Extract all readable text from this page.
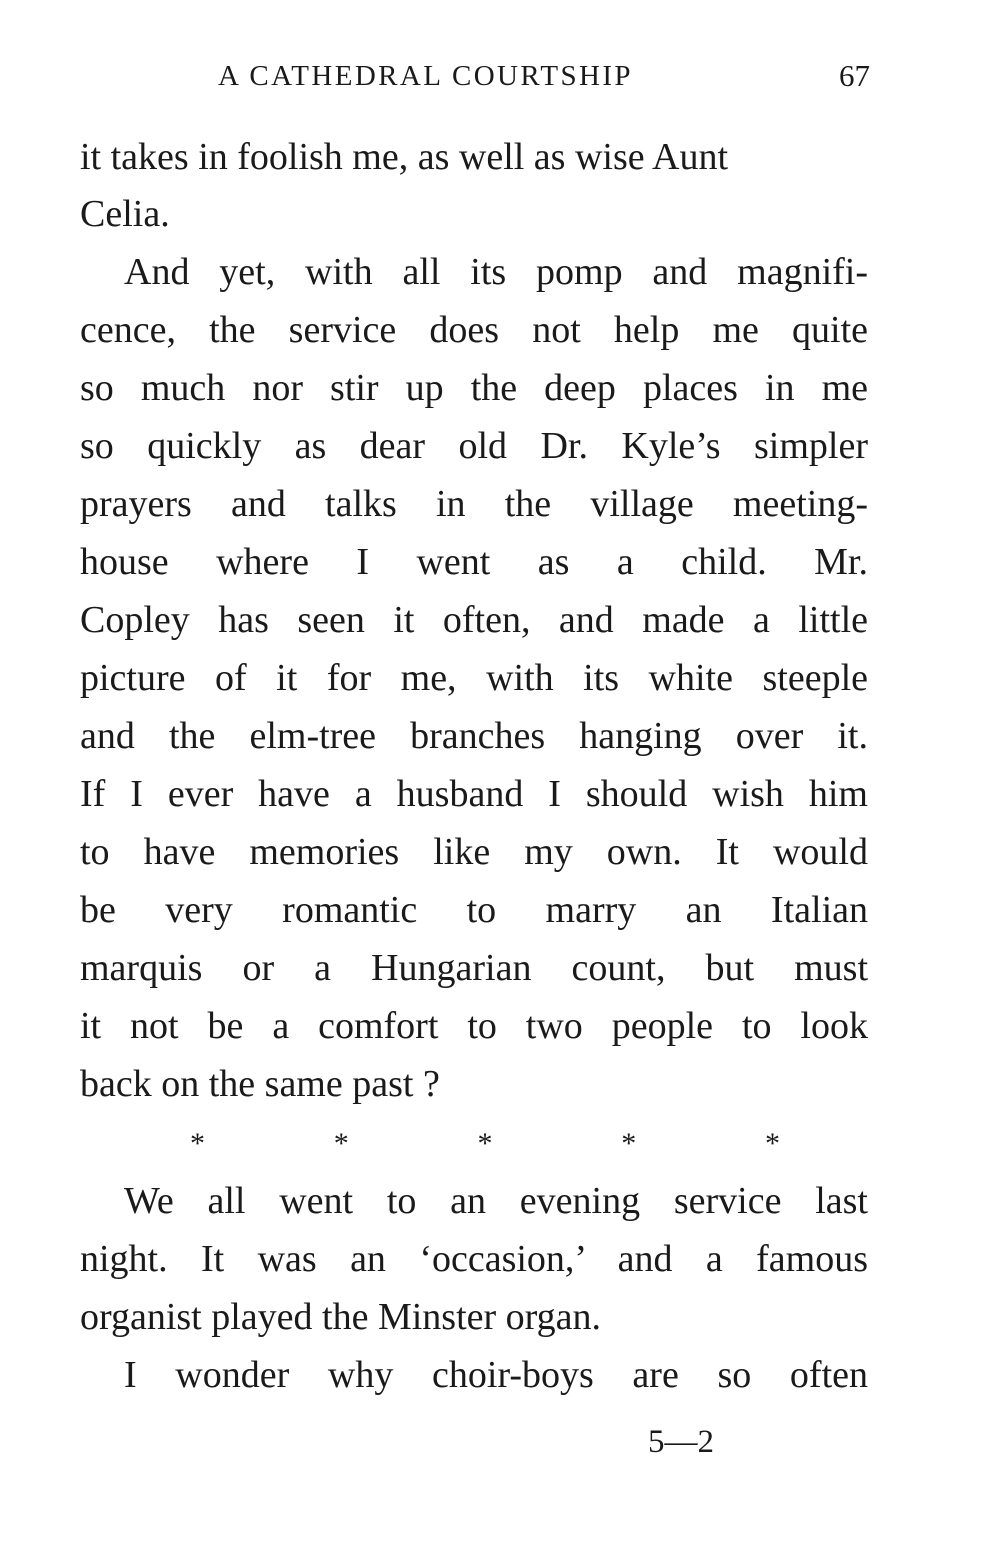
A CATHEDRAL COURTSHIP	67
it takes in foolish me, as well as wise Aunt
Celia.
And yet, with all its pomp and magnifi-
cence, the service does not help me quite
so much nor stir up the deep places in me
so quickly as dear old Dr. Kyle’s simpler
prayers and talks in the village meeting-
house where I went as a child. Mr.
Copley has seen it often, and made a little
picture of it for me, with its white steeple
and the elm-tree branches hanging over it.
If I ever have a husband I should wish him
to have memories like my own. It would
be very romantic to marry an Italian
marquis or a Hungarian count, but must
it not be a comfort to two people to look
back on the same past ?
*	*	*	*	*
We all went to an evening service last
night. It was an ‘occasion,’ and a famous
organist played the Minster organ.
I wonder why choir-boys are so often
5—2
